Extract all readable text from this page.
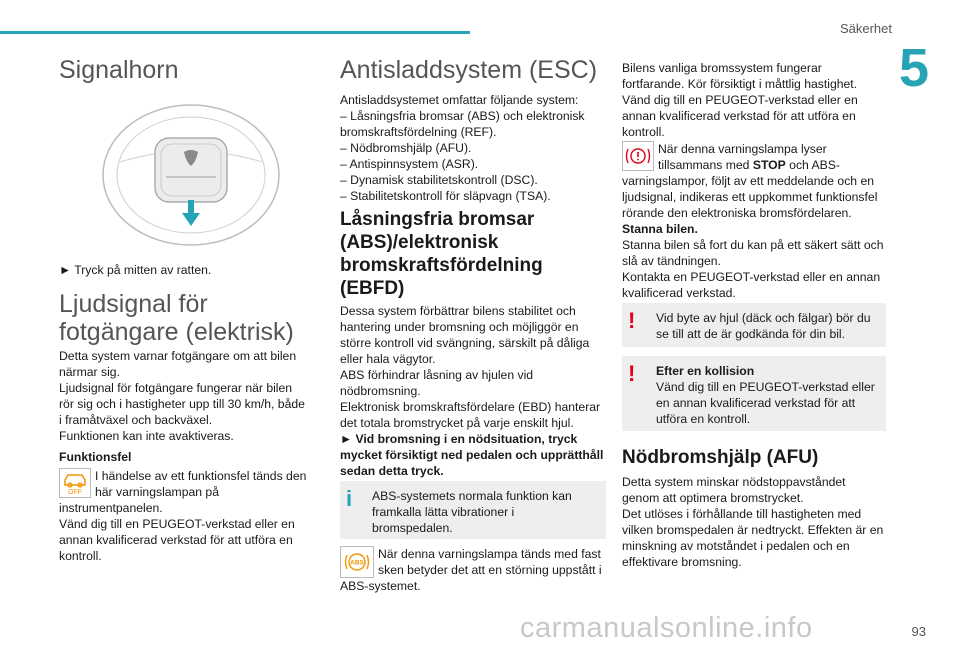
Säkerhet
5
Signalhorn

► Tryck på mitten av ratten.

Ljudsignal för fotgängare (elektrisk)

Detta system varnar fotgängare om att bilen närmar sig.

Ljudsignal för fotgängare fungerar när bilen rör sig och i hastigheter upp till 30 km/h, både i framåtväxel och backväxel.

Funktionen kan inte avaktiveras.

Funktionsfel
OFF

I händelse av ett funktionsfel tänds den här varningslampan på instrumentpanelen.

Vänd dig till en PEUGEOT-verkstad eller en annan kvalificerad verkstad för att utföra en kontroll.

Antisladdsystem (ESC)

Antisladdsystemet omfattar följande system:

– Låsningsfria bromsar (ABS) och elektronisk bromskraftsfördelning (REF).

– Nödbromshjälp (AFU).

– Antispinnsystem (ASR).

– Dynamisk stabilitetskontroll (DSC).

– Stabilitetskontroll för släpvagn (TSA).

Låsningsfria bromsar (ABS)/elektronisk bromskraftsfördelning (EBFD)

Dessa system förbättrar bilens stabilitet och hantering under bromsning och möjliggör en större kontroll vid svängning, särskilt på dåliga eller hala vägytor.

ABS förhindrar låsning av hjulen vid nödbromsning.

Elektronisk bromskraftsfördelare (EBD) hanterar det totala bromstrycket på varje enskilt hjul.

► Vid bromsning i en nödsituation, tryck mycket försiktigt ned pedalen och upprätthåll sedan detta tryck.

i ABS-systemets normala funktion kan framkalla lätta vibrationer i bromspedalen.
ABS

När denna varningslampa tänds med fast sken betyder det att en störning uppstått i ABS-systemet.

Bilens vanliga bromssystem fungerar fortfarande. Kör försiktigt i måttlig hastighet.

Vänd dig till en PEUGEOT-verkstad eller en annan kvalificerad verkstad för att utföra en kontroll.

När denna varningslampa lyser tillsammans med STOP och ABS-varningslampor, följt av ett meddelande och en ljudsignal, indikeras ett uppkommet funktionsfel rörande den elektroniska bromsfördelaren.

Stanna bilen.

Stanna bilen så fort du kan på ett säkert sätt och slå av tändningen.

Kontakta en PEUGEOT-verkstad eller en annan kvalificerad verkstad.

! Vid byte av hjul (däck och fälgar) bör du se till att de är godkända för din bil.
! Efter en kollision
Vänd dig till en PEUGEOT-verkstad eller en annan kvalificerad verkstad för att utföra en kontroll.
Nödbromshjälp (AFU)

Detta system minskar nödstoppavståndet genom att optimera bromstrycket.

Det utlöses i förhållande till hastigheten med vilken bromspedalen är nedtryckt. Effekten är en minskning av motståndet i pedalen och en effektivare bromsning.

carmanualsonline.info	93
